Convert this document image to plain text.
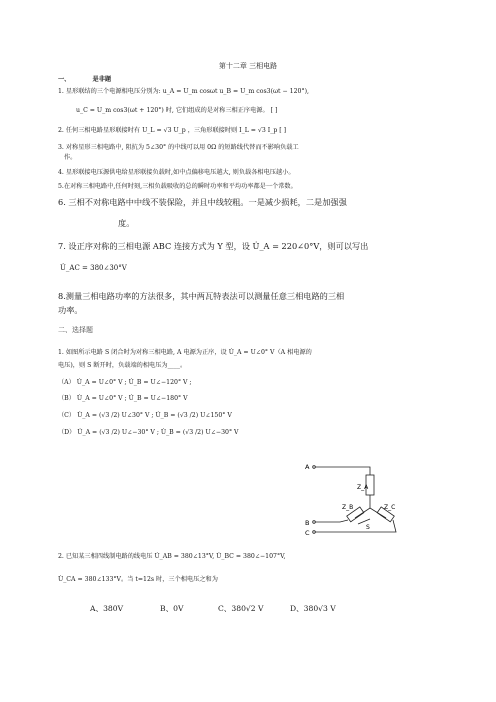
第十二章 三相电路
一、	是非题
1. 星形联结的三个电源相电压分别为: u_A = U_m cosωt u_B = U_m cos3(ωt − 120°),
u_C = U_m cos3(ωt + 120°) 时, 它们组成的是对称三相正序电源。 [ ]
2. 任何三相电路星形联接时有 U_L = √3 U_p ，三角形联接时则 I_L = √3 I_p [ ]
3. 对称星形三相电路中, 阻抗为 5∠30° 的中线可以用 0Ω 的短路线代替而不影响负载工
作。
4. 星形联接电压源供电给星形联接负载时,如中点偏移电压越大, 则负载各相电压越小。
5.在对称三相电路中,任何时刻,三相负载吸收的总的瞬时功率和平均功率都是一个常数。
6. 三相不对称电路中中线不装保险，并且中线较粗。一是减少损耗，二是加强强
度。
7. 设正序对称的三相电源 ABC 连接方式为 Y 型，设 U̇_A = 220∠0°V，则可以写出
U̇_AC = 380∠30°V
8.测量三相电路功率的方法很多，其中两瓦特表法可以测量任意三相电路的三相
功率。
二、选择题
1. 如图所示电路 S 闭合时为对称三相电路, A 电源为正序，设 U̇_A = U∠0° V（A 相电源的
电压)，则 S 断开时，负载端的相电压为____。
（A） U̇_A = U∠0° V ; U̇_B = U∠−120° V ;
（B） U̇_A = U∠0° V ; U̇_B = U∠−180° V
（C） U̇_A = (√3 /2) U∠30° V ; U̇_B = (√3 /2) U∠150° V
（D） U̇_A = (√3 /2) U∠−30° V ; U̇_B = (√3 /2) U∠−30° V
A
B
C
Z_A
Z_B	Z_C
S
2. 已知某三相四线制电路的线电压 U̇_AB = 380∠13°V, U̇_BC = 380∠−107°V,
U̇_CA = 380∠133°V。当 t=12s 时，三个相电压之和为
A、380V	B、0V	C、380√2 V	D、380√3 V
